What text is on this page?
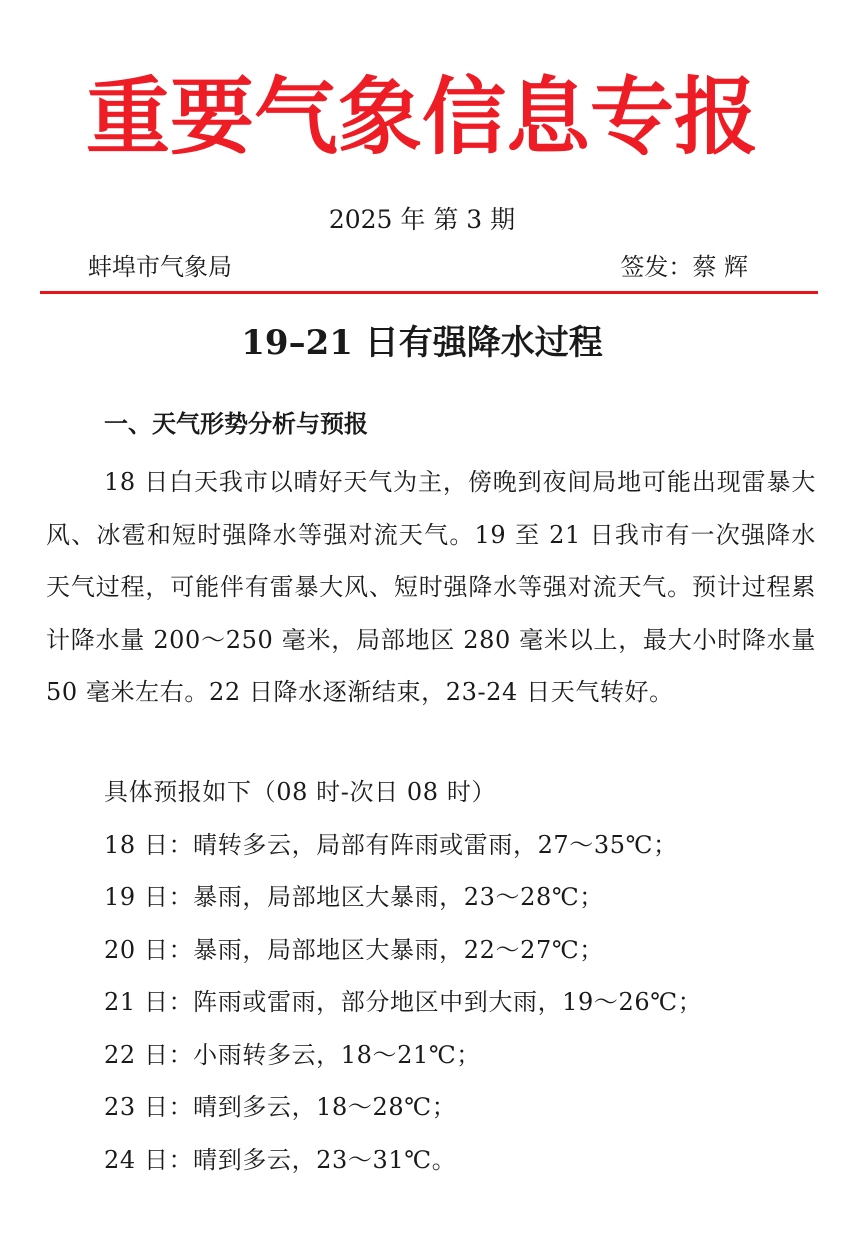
重要气象信息专报
2025 年 第 3 期
蚌埠市气象局	签发：蔡 辉
19–21 日有强降水过程
一、天气形势分析与预报
18 日白天我市以晴好天气为主，傍晚到夜间局地可能出现雷暴大风、冰雹和短时强降水等强对流天气。19 至 21 日我市有一次强降水天气过程，可能伴有雷暴大风、短时强降水等强对流天气。预计过程累计降水量 200～250 毫米，局部地区 280 毫米以上，最大小时降水量 50 毫米左右。22 日降水逐渐结束，23-24 日天气转好。
具体预报如下（08 时-次日 08 时）
18 日：晴转多云，局部有阵雨或雷雨，27～35℃；
19 日：暴雨，局部地区大暴雨，23～28℃；
20 日：暴雨，局部地区大暴雨，22～27℃；
21 日：阵雨或雷雨，部分地区中到大雨，19～26℃；
22 日：小雨转多云，18～21℃；
23 日：晴到多云，18～28℃；
24 日：晴到多云，23～31℃。
